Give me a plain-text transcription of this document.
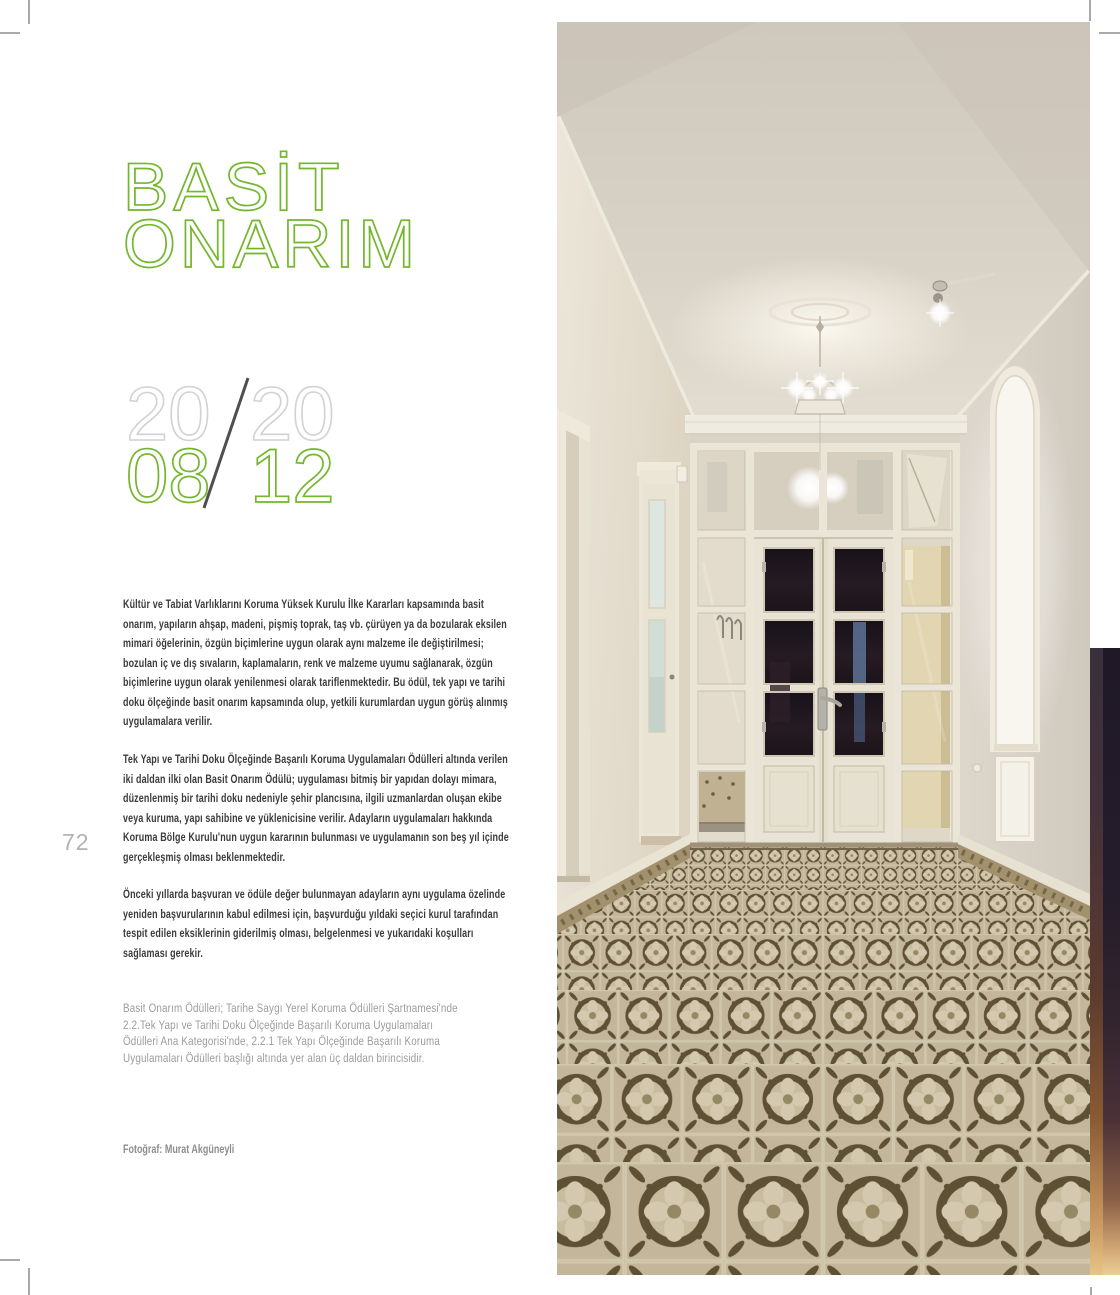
BASİT
ONARIM
20 20
08 12

Kültür ve Tabiat Varlıklarını Koruma Yüksek Kurulu İlke Kararları kapsamında basit onarım, yapıların ahşap, madeni, pişmiş toprak, taş vb. çürüyen ya da bozularak eksilen mimari öğelerinin, özgün biçimlerine uygun olarak aynı malzeme ile değiştirilmesi; bozulan iç ve dış sıvaların, kaplamaların, renk ve malzeme uyumu sağlanarak, özgün biçimlerine uygun olarak yenilenmesi olarak tariflenmektedir. Bu ödül, tek yapı ve tarihi doku ölçeğinde basit onarım kapsamında olup, yetkili kurumlardan uygun görüş alınmış uygulamalara verilir.

Tek Yapı ve Tarihi Doku Ölçeğinde Başarılı Koruma Uygulamaları Ödülleri altında verilen iki daldan ilki olan Basit Onarım Ödülü; uygulaması bitmiş bir yapıdan dolayı mimara, düzenlenmiş bir tarihi doku nedeniyle şehir plancısına, ilgili uzmanlardan oluşan ekibe veya kuruma, yapı sahibine ve yüklenicisine verilir. Adayların uygulamaları hakkında Koruma Bölge Kurulu'nun uygun kararının bulunması ve uygulamanın son beş yıl içinde gerçekleşmiş olması beklenmektedir.

Önceki yıllarda başvuran ve ödüle değer bulunmayan adayların aynı uygulama özelinde yeniden başvurularının kabul edilmesi için, başvurduğu yıldaki seçici kurul tarafından tespit edilen eksiklerinin giderilmiş olması, belgelenmesi ve yukarıdaki koşulları sağlaması gerekir.

Basit Onarım Ödülleri; Tarihe Saygı Yerel Koruma Ödülleri Şartnamesi'nde 2.2.Tek Yapı ve Tarihi Doku Ölçeğinde Başarılı Koruma Uygulamaları Ödülleri Ana Kategorisi'nde, 2.2.1 Tek Yapı Ölçeğinde Başarılı Koruma Uygulamaları Ödülleri başlığı altında yer alan üç daldan birincisidir.

Fotoğraf: Murat Akgüneyli

72
